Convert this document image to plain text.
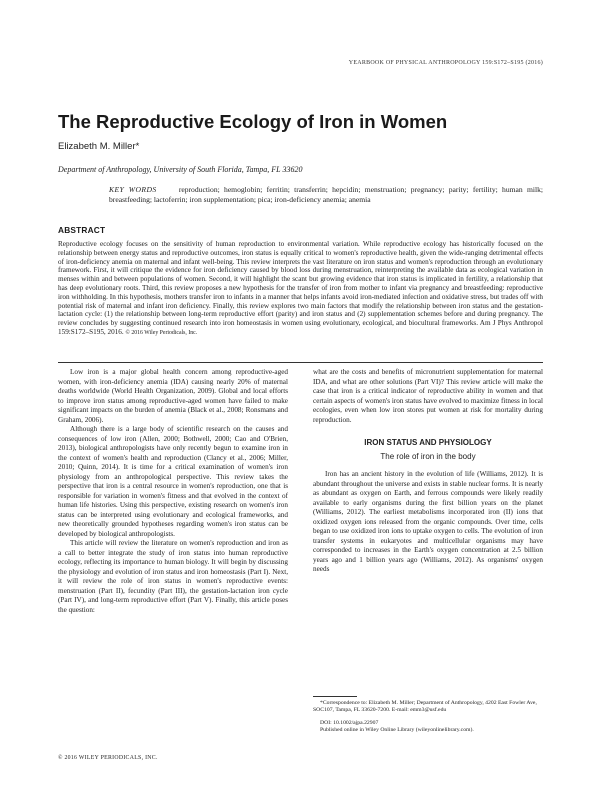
YEARBOOK OF PHYSICAL ANTHROPOLOGY 159:S172–S195 (2016)
The Reproductive Ecology of Iron in Women
Elizabeth M. Miller*
Department of Anthropology, University of South Florida, Tampa, FL 33620
KEY WORDS	reproduction; hemoglobin; ferritin; transferrin; hepcidin; menstruation; pregnancy; parity; fertility; human milk; breastfeeding; lactoferrin; iron supplementation; pica; iron-deficiency anemia; anemia
ABSTRACT
Reproductive ecology focuses on the sensitivity of human reproduction to environmental variation. While reproductive ecology has historically focused on the relationship between energy status and reproductive outcomes, iron status is equally critical to women's reproductive health, given the wide-ranging detrimental effects of iron-deficiency anemia on maternal and infant well-being. This review interprets the vast literature on iron status and women's reproduction through an evolutionary framework. First, it will critique the evidence for iron deficiency caused by blood loss during menstruation, reinterpreting the available data as ecological variation in menses within and between populations of women. Second, it will highlight the scant but growing evidence that iron status is implicated in fertility, a relationship that has deep evolutionary roots. Third, this review proposes a new hypothesis for the transfer of iron from mother to infant via pregnancy and breastfeeding: reproductive iron withholding. In this hypothesis, mothers transfer iron to infants in a manner that helps infants avoid iron-mediated infection and oxidative stress, but trades off with potential risk of maternal and infant iron deficiency. Finally, this review explores two main factors that modify the relationship between iron status and the gestation-lactation cycle: (1) the relationship between long-term reproductive effort (parity) and iron status and (2) supplementation schemes before and during pregnancy. The review concludes by suggesting continued research into iron homeostasis in women using evolutionary, ecological, and biocultural frameworks. Am J Phys Anthropol 159:S172–S195, 2016. © 2016 Wiley Periodicals, Inc.

Low iron is a major global health concern among reproductive-aged women, with iron-deficiency anemia (IDA) causing nearly 20% of maternal deaths worldwide (World Health Organization, 2009). Global and local efforts to improve iron status among reproductive-aged women have failed to make significant impacts on the burden of anemia (Black et al., 2008; Ronsmans and Graham, 2006).

Although there is a large body of scientific research on the causes and consequences of low iron (Allen, 2000; Bothwell, 2000; Cao and O'Brien, 2013), biological anthropologists have only recently begun to examine iron in the context of women's health and reproduction (Clancy et al., 2006; Miller, 2010; Quinn, 2014). It is time for a critical examination of women's iron physiology from an anthropological perspective. This review takes the perspective that iron is a central resource in women's reproduction, one that is responsible for variation in women's fitness and that evolved in the context of human life histories. Using this perspective, existing research on women's iron status can be interpreted using evolutionary and ecological frameworks, and new theoretically grounded hypotheses regarding women's iron status can be developed by biological anthropologists.

This article will review the literature on women's reproduction and iron as a call to better integrate the study of iron status into human reproductive ecology, reflecting its importance to human biology. It will begin by discussing the physiology and evolution of iron status and iron homeostasis (Part I). Next, it will review the role of iron status in women's reproductive events: menstruation (Part II), fecundity (Part III), the gestation-lactation iron cycle (Part IV), and long-term reproductive effort (Part V). Finally, this article poses the question:

what are the costs and benefits of micronutrient supplementation for maternal IDA, and what are other solutions (Part VI)? This review article will make the case that iron is a critical indicator of reproductive ability in women and that certain aspects of women's iron status have evolved to maximize fitness in local ecologies, even when low iron stores put women at risk for mortality during reproduction.

IRON STATUS AND PHYSIOLOGY

The role of iron in the body

Iron has an ancient history in the evolution of life (Williams, 2012). It is abundant throughout the universe and exists in stable nuclear forms. It is nearly as abundant as oxygen on Earth, and ferrous compounds were likely readily available to early organisms during the first billion years on the planet (Williams, 2012). The earliest metabolisms incorporated iron (II) ions that oxidized oxygen ions released from the organic compounds. Over time, cells began to use oxidized iron ions to uptake oxygen to cells. The evolution of iron transfer systems in eukaryotes and multicellular organisms may have corresponded to increases in the Earth's oxygen concentration at 2.5 billion years ago and 1 billion years ago (Williams, 2012). As organisms' oxygen needs

*Correspondence to: Elizabeth M. Miller; Department of Anthropology, 4202 East Fowler Ave, SOC107, Tampa, FL 33620-7200. E-mail: emm3@usf.edu

DOI: 10.1002/ajpa.22907

Published online in Wiley Online Library (wileyonlinelibrary.com).

© 2016 WILEY PERIODICALS, INC.
